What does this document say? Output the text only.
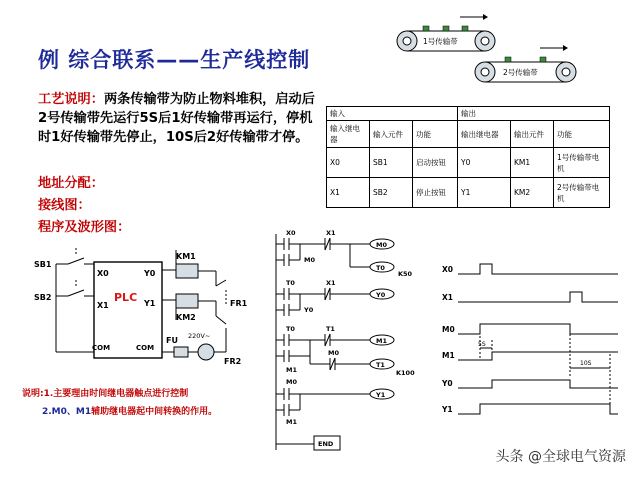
例 综合联系——生产线控制
1号传输带
2号传输带
工艺说明：两条传输带为防止物料堆积，启动后2号传输带先运行5S后1好传输带再运行，停机时1好传输带先停止，10S后2好传输带才停。
地址分配：
接线图：
程序及波形图：
输入			输出		
输入继电器	输入元件	功能	输出继电器	输出元件	功能
X0	SB1	启动按钮	Y0	KM1	1号传输带电机
X1	SB2	停止按钮	Y1	KM2	2号传输带电机
SB1
SB2
X0
X1
Y0
Y1
PLC
COM	COM
KM1
KM2
FU 220V~
FR1
FR2
X0	X1
M0
M0
T0
K50
T0	X1
Y0
Y0
T0	T1
M1
M1
M0
T1
K100
M0
M1
Y1
END
X0
X1
M0
M1
Y0
Y1
5S
10S
说明:1.主要理由时间继电器触点进行控制
2.M0、M1辅助继电器起中间转换的作用。
头条 @全球电气资源
